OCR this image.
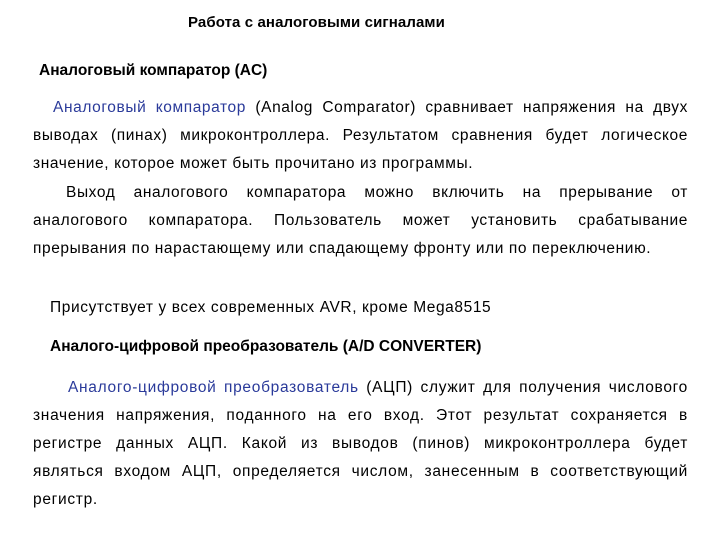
Работа с аналоговыми сигналами
Аналоговый компаратор (AC)
Аналоговый компаратор (Analog Comparator) сравнивает напряжения на двух выводах (пинах) микроконтроллера. Результатом сравнения будет логическое значение, которое может быть прочитано из программы.
Выход аналогового компаратора можно включить на прерывание от аналогового компаратора. Пользователь может установить срабатывание прерывания по нарастающему или спадающему фронту или по переключению.
Присутствует у всех современных AVR, кроме Mega8515
Аналого-цифровой преобразователь (A/D CONVERTER)
Аналого-цифровой преобразователь (АЦП) служит для получения числового значения напряжения, поданного на его вход. Этот результат сохраняется в регистре данных АЦП. Какой из выводов (пинов) микроконтроллера будет являться входом АЦП, определяется числом, занесенным в соответствующий регистр.
